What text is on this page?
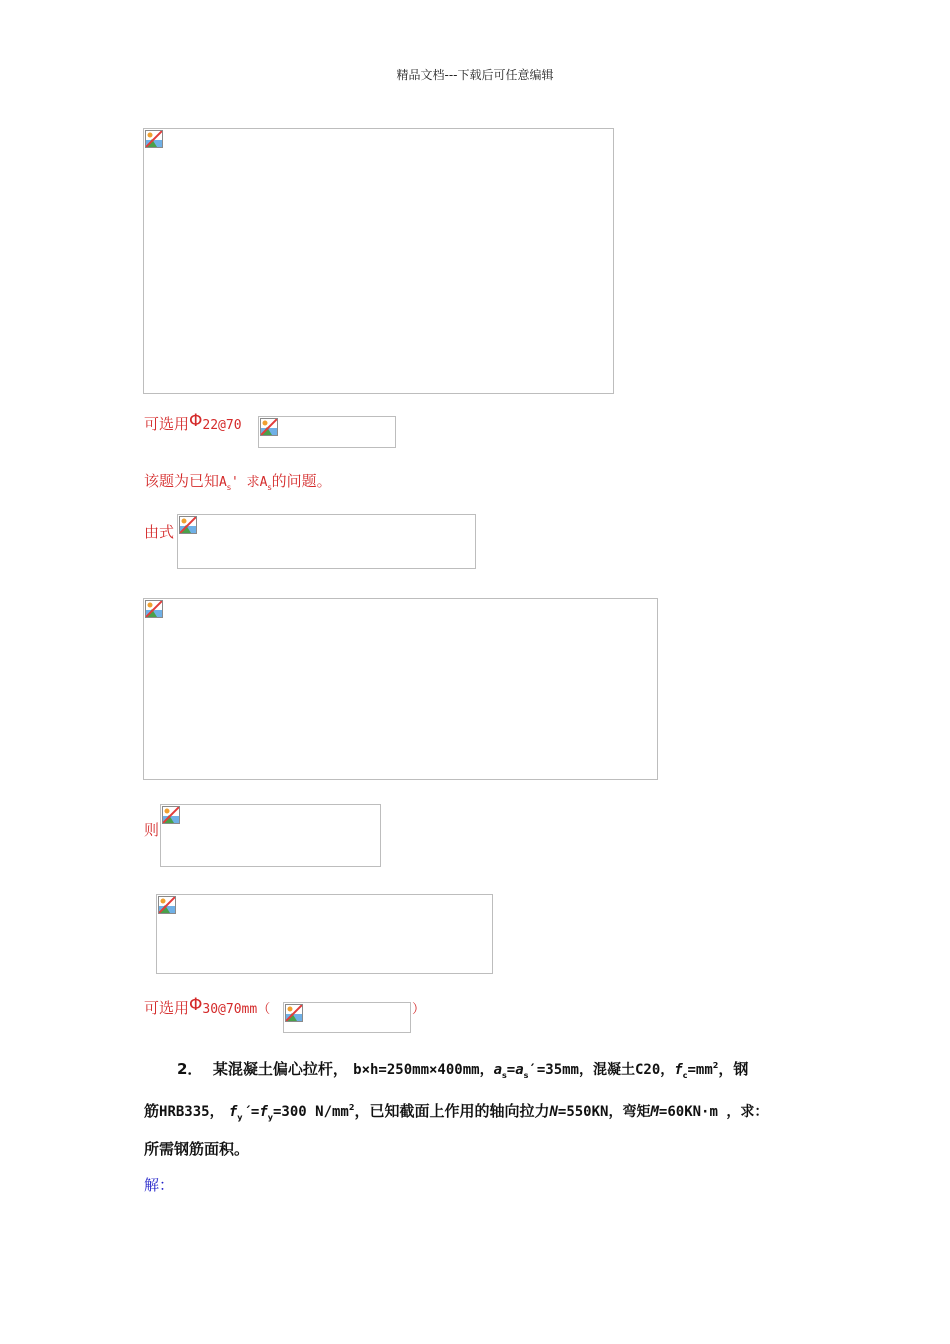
精品文档---下载后可任意编辑
可选用Φ22@70
该题为已知$A_s'$ 求$A_s$的问题。
由式
则
可选用Φ30@70mm（	）
2． 某混凝土偏心拉杆， b×h=250mm×400mm，$a_s=a_s'=35mm$，混凝土C20，$f_c=mm^2$，钢
筋HRB335， $f_y'=f_y=300$ $N/mm^2$，已知截面上作用的轴向拉力N=550KN，弯矩M=60KN·m ，求：
所需钢筋面积。
解：
